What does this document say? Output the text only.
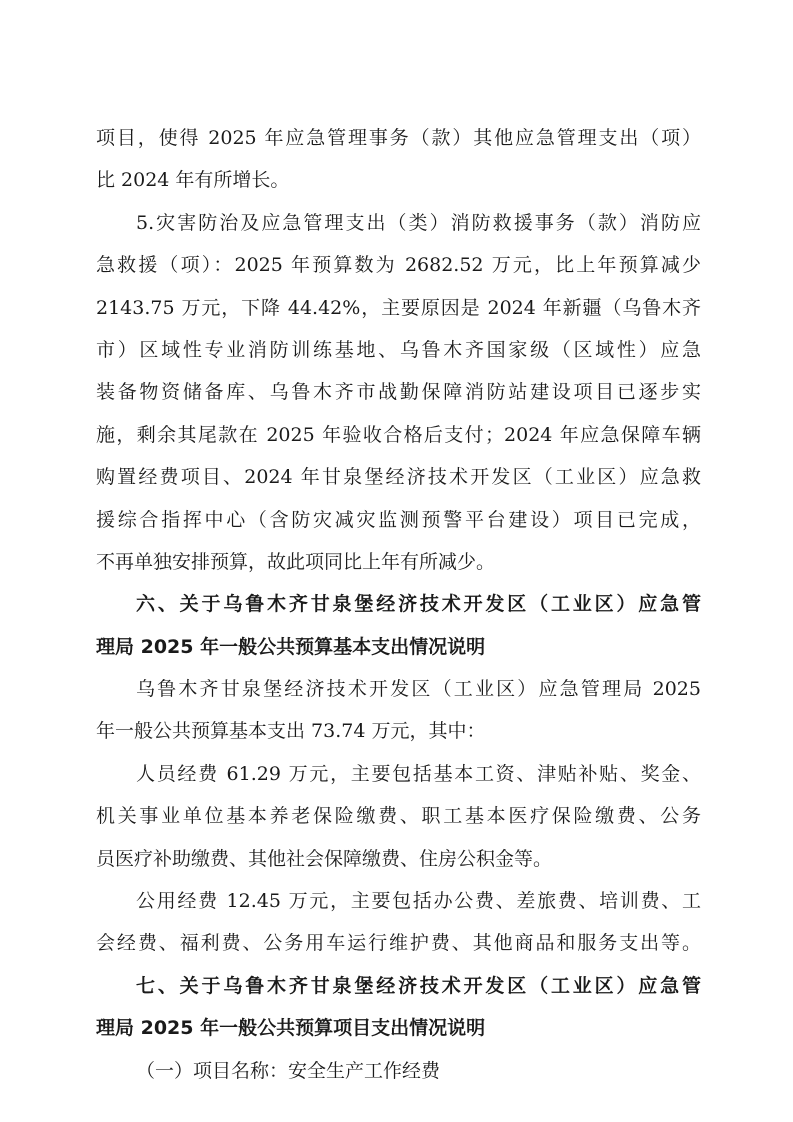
项目，使得 2025 年应急管理事务（款）其他应急管理支出（项）
比 2024 年有所增长。
5.灾害防治及应急管理支出（类）消防救援事务（款）消防应
急救援（项）：2025 年预算数为 2682.52 万元，比上年预算减少
2143.75 万元，下降 44.42%，主要原因是 2024 年新疆（乌鲁木齐
市）区域性专业消防训练基地、乌鲁木齐国家级（区域性）应急
装备物资储备库、乌鲁木齐市战勤保障消防站建设项目已逐步实
施，剩余其尾款在 2025 年验收合格后支付；2024 年应急保障车辆
购置经费项目、2024 年甘泉堡经济技术开发区（工业区）应急救
援综合指挥中心（含防灾减灾监测预警平台建设）项目已完成，
不再单独安排预算，故此项同比上年有所减少。
六、关于乌鲁木齐甘泉堡经济技术开发区（工业区）应急管
理局 2025 年一般公共预算基本支出情况说明
乌鲁木齐甘泉堡经济技术开发区（工业区）应急管理局 2025
年一般公共预算基本支出 73.74 万元，其中：
人员经费 61.29 万元，主要包括基本工资、津贴补贴、奖金、
机关事业单位基本养老保险缴费、职工基本医疗保险缴费、公务
员医疗补助缴费、其他社会保障缴费、住房公积金等。
公用经费 12.45 万元，主要包括办公费、差旅费、培训费、工
会经费、福利费、公务用车运行维护费、其他商品和服务支出等。
七、关于乌鲁木齐甘泉堡经济技术开发区（工业区）应急管
理局 2025 年一般公共预算项目支出情况说明
（一）项目名称：安全生产工作经费
